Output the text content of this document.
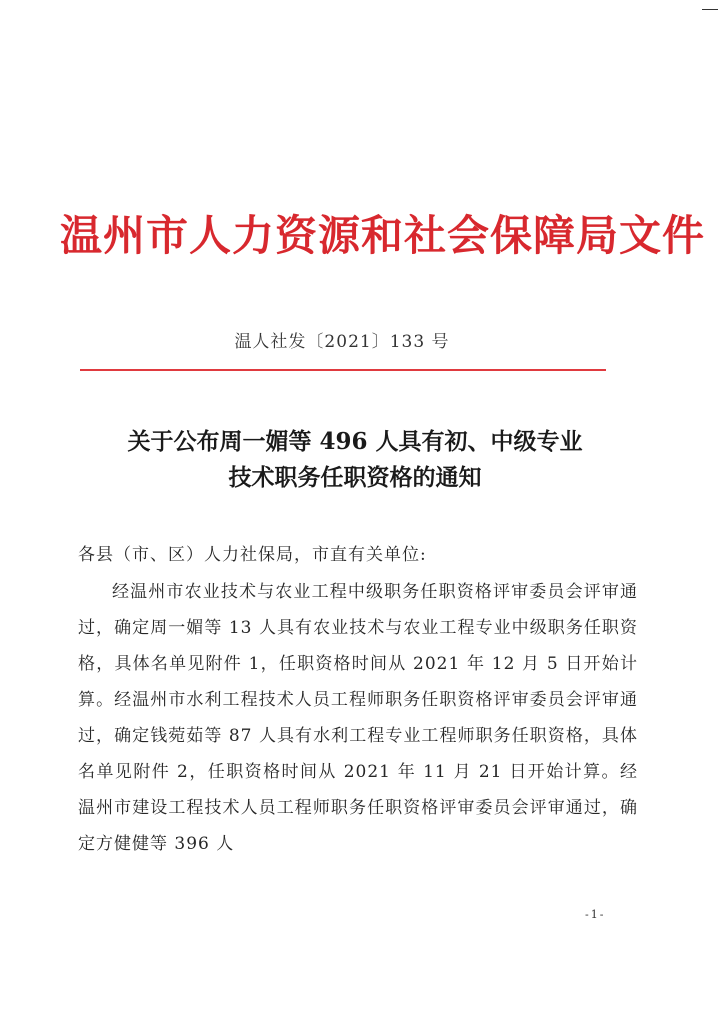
温州市人力资源和社会保障局文件
温人社发〔2021〕133 号
关于公布周一媚等 496 人具有初、中级专业
技术职务任职资格的通知
各县（市、区）人力社保局，市直有关单位:
经温州市农业技术与农业工程中级职务任职资格评审委员会评审通过，确定周一媚等 13 人具有农业技术与农业工程专业中级职务任职资格，具体名单见附件 1，任职资格时间从 2021 年 12 月 5 日开始计算。经温州市水利工程技术人员工程师职务任职资格评审委员会评审通过，确定钱菀茹等 87 人具有水利工程专业工程师职务任职资格，具体名单见附件 2，任职资格时间从 2021 年 11 月 21 日开始计算。经温州市建设工程技术人员工程师职务任职资格评审委员会评审通过，确定方健健等 396 人
-1-
